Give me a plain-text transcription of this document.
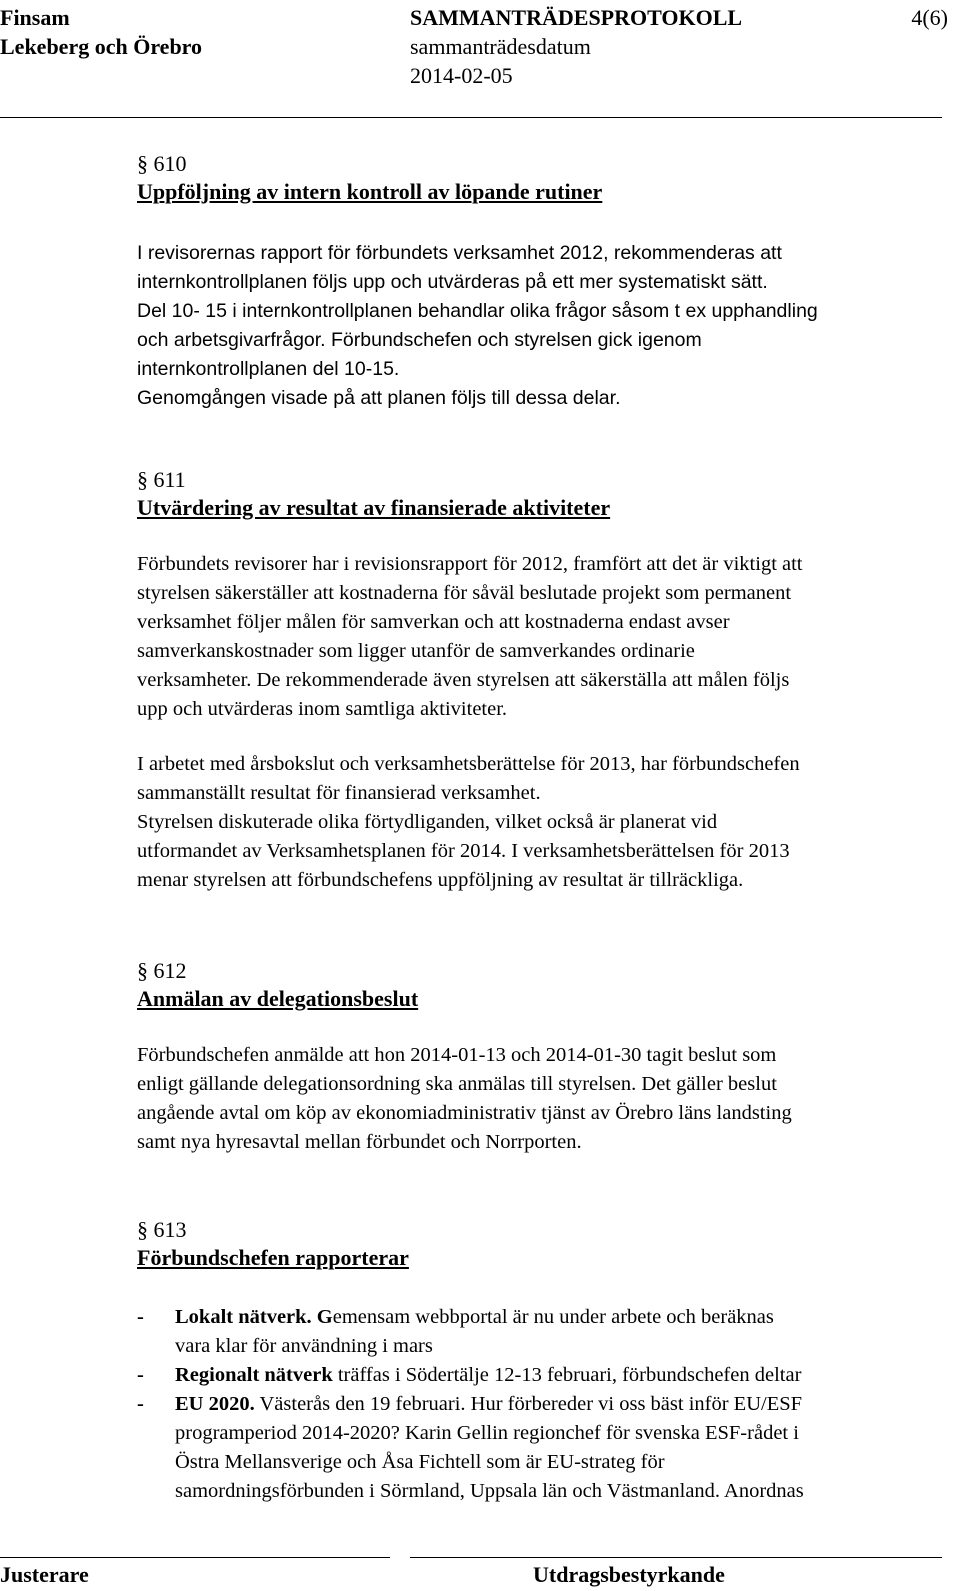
Finsam
Lekeberg och Örebro
SAMMANTRÄDESPROTOKOLL
sammanträdesdatum
2014-02-05
4(6)
§ 610
Uppföljning av intern kontroll av löpande rutiner
I revisorernas rapport för förbundets verksamhet 2012, rekommenderas att
internkontrollplanen följs upp och utvärderas på ett mer systematiskt sätt.
Del 10- 15 i internkontrollplanen behandlar olika frågor såsom t ex upphandling
och arbetsgivarfrågor. Förbundschefen och styrelsen gick igenom
internkontrollplanen del 10-15.
Genomgången visade på att planen följs till dessa delar.
§ 611
Utvärdering av resultat av finansierade aktiviteter
Förbundets revisorer har i revisionsrapport för 2012, framfört att det är viktigt att
styrelsen säkerställer att kostnaderna för såväl beslutade projekt som permanent
verksamhet följer målen för samverkan och att kostnaderna endast avser
samverkanskostnader som ligger utanför de samverkandes ordinarie
verksamheter. De rekommenderade även styrelsen att säkerställa att målen följs
upp och utvärderas inom samtliga aktiviteter.
I arbetet med årsbokslut och verksamhetsberättelse för 2013, har förbundschefen
sammanställt resultat för finansierad verksamhet.
Styrelsen diskuterade olika förtydliganden, vilket också är planerat vid
utformandet av Verksamhetsplanen för 2014. I verksamhetsberättelsen för 2013
menar styrelsen att förbundschefens uppföljning av resultat är tillräckliga.
§ 612
Anmälan av delegationsbeslut
Förbundschefen anmälde att hon 2014-01-13 och 2014-01-30 tagit beslut som
enligt gällande delegationsordning ska anmälas till styrelsen. Det gäller beslut
angående avtal om köp av ekonomiadministrativ tjänst av Örebro läns landsting
samt nya hyresavtal mellan förbundet och Norrporten.
§ 613
Förbundschefen rapporterar
- Lokalt nätverk. Gemensam webbportal är nu under arbete och beräknas
vara klar för användning i mars
- Regionalt nätverk träffas i Södertälje 12-13 februari, förbundschefen deltar
- EU 2020. Västerås den 19 februari. Hur förbereder vi oss bäst inför EU/ESF
programperiod 2014-2020? Karin Gellin regionchef för svenska ESF-rådet i
Östra Mellansverige och Åsa Fichtell som är EU-strateg för
samordningsförbunden i Sörmland, Uppsala län och Västmanland. Anordnas
Justerare	Utdragsbestyrkande
